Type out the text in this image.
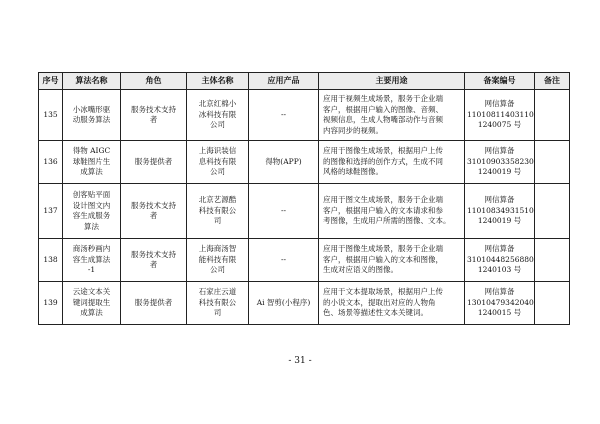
序号	算法名称	角色	主体名称	应用产品	主要用途	备案编号	备注
135	小冰嘴形驱
动服务算法	服务技术支持
者	北京红棉小
冰科技有限
公司	--	应用于视频生成场景，服务于企业端
客户，根据用户输入的图像、音频、
视频信息，生成人物嘴部动作与音频
内容同步的视频。	网信算备
11010811403110
1240075 号	

136	得物 AIGC
球鞋图片生
成算法	服务提供者	上海识装信
息科技有限
公司	得物(APP)	应用于图像生成场景，根据用户上传
的图像和选择的创作方式，生成不同
风格的球鞋图像。	网信算备
31010903358230
1240019 号	

137	创客贴平面
设计图文内
容生成服务
算法	服务技术支持
者	北京艺源酷
科技有限公
司	--	应用于图文生成场景，服务于企业端
客户，根据用户输入的文本请求和参
考图像，生成用户所需的图像、文本。	网信算备
11010834931510
1240019 号	

138	商汤秒画内
容生成算法
-1	服务技术支持
者	上海商汤智
能科技有限
公司	--	应用于图像生成场景，服务于企业端
客户，根据用户输入的文本和图像，
生成对应语义的图像。	网信算备
31010448256880
1240103 号	

139	云途文本关
键词提取生
成算法	服务提供者	石家庄云道
科技有限公
司	Ai 智剪(小程序)	应用于文本提取场景，根据用户上传
的小说文本，提取出对应的人物角
色、场景等描述性文本关键词。	网信算备
13010479342040
1240015 号	

- 31 -
